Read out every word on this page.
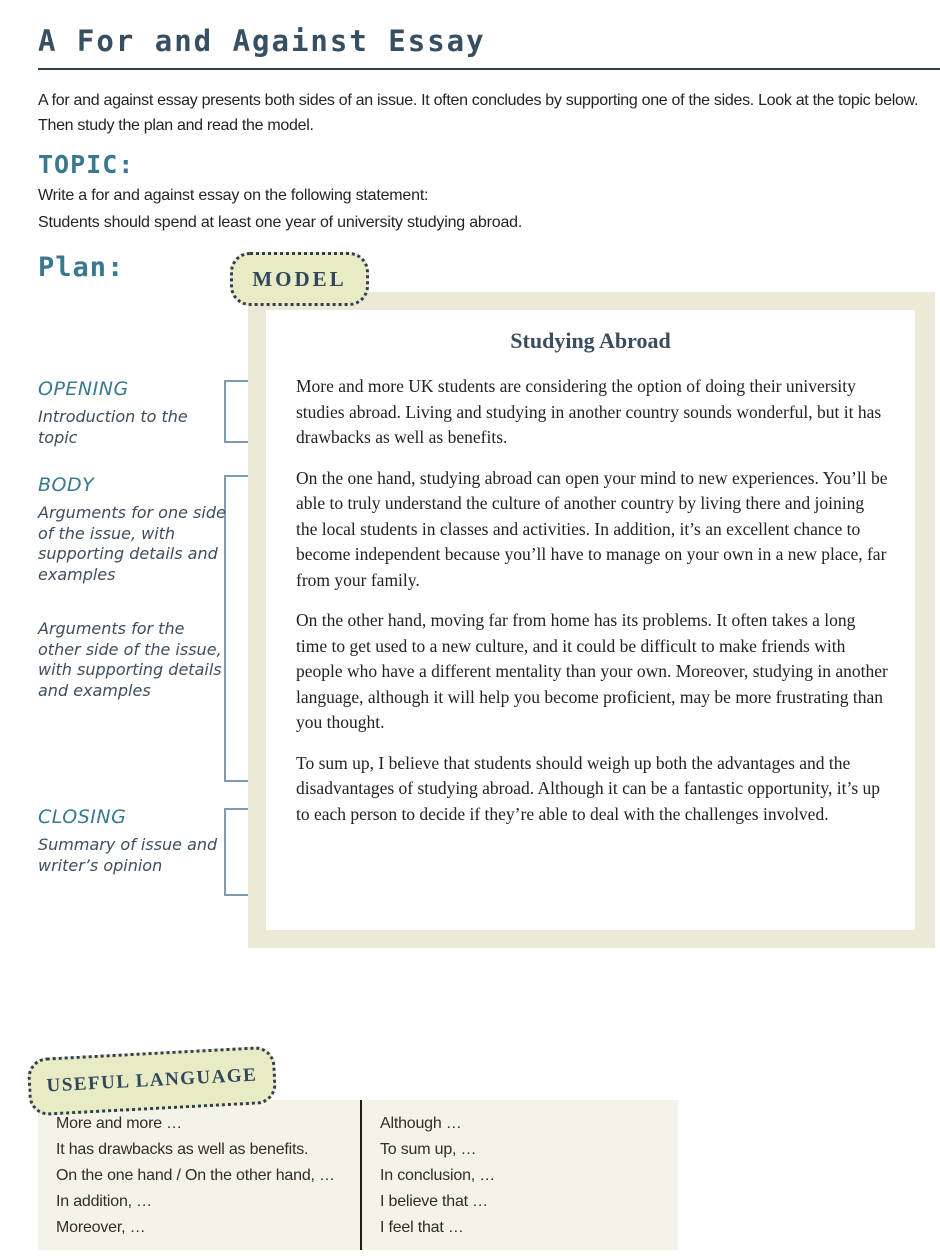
A For and Against Essay
A for and against essay presents both sides of an issue. It often concludes by supporting one of the sides. Look at the topic below. Then study the plan and read the model.
TOPIC:
Write a for and against essay on the following statement:
Students should spend at least one year of university studying abroad.
Plan:
OPENING
Introduction to the topic
BODY
Arguments for one side of the issue, with supporting details and examples
Arguments for the other side of the issue, with supporting details and examples
CLOSING
Summary of issue and writer’s opinion
MODEL
Studying Abroad

More and more UK students are considering the option of doing their university studies abroad. Living and studying in another country sounds wonderful, but it has drawbacks as well as benefits.

On the one hand, studying abroad can open your mind to new experiences. You’ll be able to truly understand the culture of another country by living there and joining the local students in classes and activities. In addition, it’s an excellent chance to become independent because you’ll have to manage on your own in a new place, far from your family.

On the other hand, moving far from home has its problems. It often takes a long time to get used to a new culture, and it could be difficult to make friends with people who have a different mentality than your own. Moreover, studying in another language, although it will help you become proficient, may be more frustrating than you thought.

To sum up, I believe that students should weigh up both the advantages and the disadvantages of studying abroad. Although it can be a fantastic opportunity, it’s up to each person to decide if they’re able to deal with the challenges involved.

USEFUL LANGUAGE
More and more …
It has drawbacks as well as benefits.
On the one hand / On the other hand, …
In addition, …
Moreover, …
Although …
To sum up, …
In conclusion, …
I believe that …
I feel that …
